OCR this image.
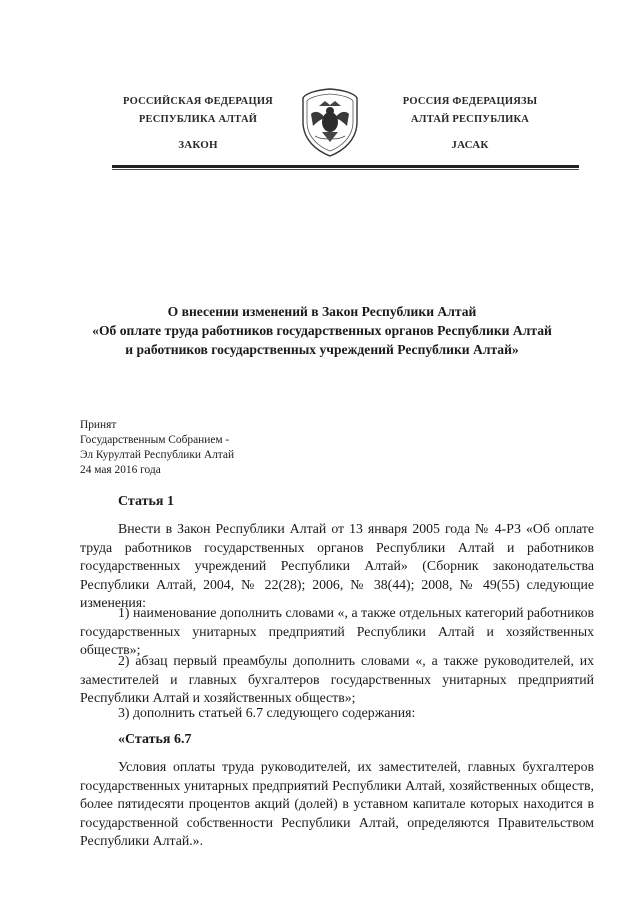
РОССИЙСКАЯ ФЕДЕРАЦИЯ
РЕСПУБЛИКА АЛТАЙ
ЗАКОН
РОССИЯ ФЕДЕРАЦИЯЗЫ
АЛТАЙ РЕСПУБЛИКА
JАСАК
О внесении изменений в Закон Республики Алтай
«Об оплате труда работников государственных органов Республики Алтай
и работников государственных учреждений Республики Алтай»
Принят
Государственным Собранием -
Эл Курултай Республики Алтай
24 мая 2016 года
Статья 1
Внести в Закон Республики Алтай от 13 января 2005 года № 4-РЗ «Об оплате труда работников государственных органов Республики Алтай и работников государственных учреждений Республики Алтай» (Сборник законодательства Республики Алтай, 2004, № 22(28); 2006, № 38(44); 2008, № 49(55) следующие изменения:
1) наименование дополнить словами «, а также отдельных категорий работников государственных унитарных предприятий Республики Алтай и хозяйственных обществ»;
2) абзац первый преамбулы дополнить словами «, а также руководителей, их заместителей и главных бухгалтеров государственных унитарных предприятий Республики Алтай и хозяйственных обществ»;
3) дополнить статьей 6.7 следующего содержания:
«Статья 6.7
Условия оплаты труда руководителей, их заместителей, главных бухгалтеров государственных унитарных предприятий Республики Алтай, хозяйственных обществ, более пятидесяти процентов акций (долей) в уставном капитале которых находится в государственной собственности Республики Алтай, определяются Правительством Республики Алтай.».
